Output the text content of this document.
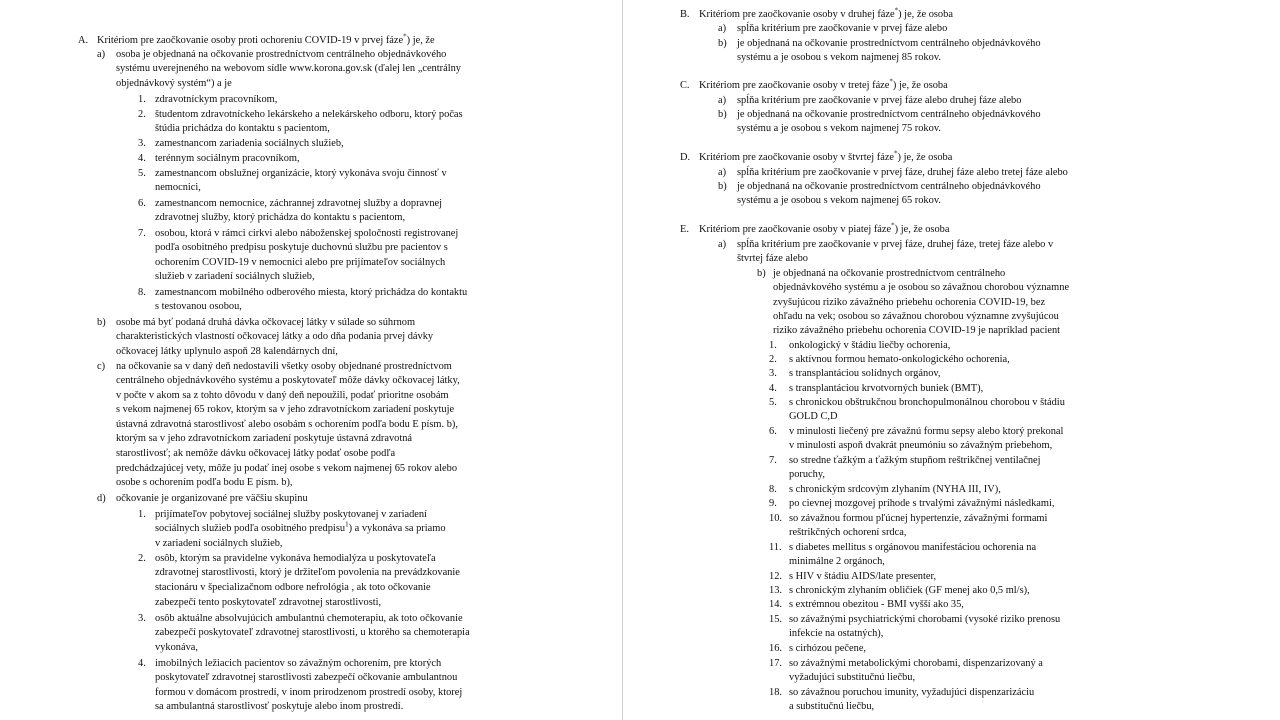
A. Kritériom pre zaočkovanie osoby proti ochoreniu COVID-19 v prvej fáze*) je, že
a) osoba je objednaná na očkovanie prostredníctvom centrálneho objednávkového
systému uverejneného na webovom sídle www.korona.gov.sk (ďalej len „centrálny
objednávkový systém“) a je
1. zdravotníckym pracovníkom,
2. študentom zdravotníckeho lekárskeho a nelekárskeho odboru, ktorý počas
štúdia prichádza do kontaktu s pacientom,
3. zamestnancom zariadenia sociálnych služieb,
4. terénnym sociálnym pracovníkom,
5. zamestnancom obslužnej organizácie, ktorý vykonáva svoju činnosť v
nemocnici,
6. zamestnancom nemocnice, záchrannej zdravotnej služby a dopravnej
zdravotnej služby, ktorý prichádza do kontaktu s pacientom,
7. osobou, ktorá v rámci cirkvi alebo náboženskej spoločnosti registrovanej
podľa osobitného predpisu poskytuje duchovnú službu pre pacientov s
ochorením COVID-19 v nemocnici alebo pre prijímateľov sociálnych
služieb v zariadení sociálnych služieb,
8. zamestnancom mobilného odberového miesta, ktorý prichádza do kontaktu
s testovanou osobou,
b) osobe má byť podaná druhá dávka očkovacej látky v súlade so súhrnom
charakteristických vlastností očkovacej látky a odo dňa podania prvej dávky
očkovacej látky uplynulo aspoň 28 kalendárnych dní,
c) na očkovanie sa v daný deň nedostavili všetky osoby objednané prostredníctvom
centrálneho objednávkového systému a poskytovateľ môže dávky očkovacej látky,
v počte v akom sa z tohto dôvodu v daný deň nepoužili, podať prioritne osobám
s vekom najmenej 65 rokov, ktorým sa v jeho zdravotníckom zariadení poskytuje
ústavná zdravotná starostlivosť alebo osobám s ochorením podľa bodu E písm. b),
ktorým sa v jeho zdravotníckom zariadení poskytuje ústavná zdravotná
starostlivosť; ak nemôže dávku očkovacej látky podať osobe podľa
predchádzajúcej vety, môže ju podať inej osobe s vekom najmenej 65 rokov alebo
osobe s ochorením podľa bodu E písm. b),
d) očkovanie je organizované pre väčšiu skupinu
1. prijímateľov pobytovej sociálnej služby poskytovanej v zariadení
sociálnych služieb podľa osobitného predpisu$^1$) a vykonáva sa priamo
v zariadení sociálnych služieb,
2. osôb, ktorým sa pravidelne vykonáva hemodialýza u poskytovateľa
zdravotnej starostlivosti, ktorý je držiteľom povolenia na prevádzkovanie
stacionáru v špecializačnom odbore nefrológia , ak toto očkovanie
zabezpečí tento poskytovateľ zdravotnej starostlivosti,
3. osôb aktuálne absolvujúcich ambulantnú chemoterapiu, ak toto očkovanie
zabezpečí poskytovateľ zdravotnej starostlivosti, u ktorého sa chemoterapia
vykonáva,
4. imobilných ležiacich pacientov so závažným ochorením, pre ktorých
poskytovateľ zdravotnej starostlivosti zabezpečí očkovanie ambulantnou
formou v domácom prostredí, v inom prirodzenom prostredí osoby, ktorej
sa ambulantná starostlivosť poskytuje alebo inom prostredí.
B. Kritériom pre zaočkovanie osoby v druhej fáze*) je, že osoba
a) spĺňa kritérium pre zaočkovanie v prvej fáze alebo
b) je objednaná na očkovanie prostredníctvom centrálneho objednávkového
systému a je osobou s vekom najmenej 85 rokov.
C. Kritériom pre zaočkovanie osoby v tretej fáze*) je, že osoba
a) spĺňa kritérium pre zaočkovanie v prvej fáze alebo druhej fáze alebo
b) je objednaná na očkovanie prostredníctvom centrálneho objednávkového
systému a je osobou s vekom najmenej 75 rokov.
D. Kritériom pre zaočkovanie osoby v štvrtej fáze*) je, že osoba
a) spĺňa kritérium pre zaočkovanie v prvej fáze, druhej fáze alebo tretej fáze alebo
b) je objednaná na očkovanie prostredníctvom centrálneho objednávkového
systému a je osobou s vekom najmenej 65 rokov.
E. Kritériom pre zaočkovanie osoby v piatej fáze*) je, že osoba
a) spĺňa kritérium pre zaočkovanie v prvej fáze, druhej fáze, tretej fáze alebo v
štvrtej fáze alebo
b) je objednaná na očkovanie prostredníctvom centrálneho
objednávkového systému a je osobou so závažnou chorobou významne
zvyšujúcou riziko závažného priebehu ochorenia COVID-19, bez
ohľadu na vek; osobou so závažnou chorobou významne zvyšujúcou
riziko závažného priebehu ochorenia COVID-19 je napríklad pacient
1. onkologický v štádiu liečby ochorenia,
2. s aktívnou formou hemato-onkologického ochorenia,
3. s transplantáciou solídnych orgánov,
4. s transplantáciou krvotvorných buniek (BMT),
5. s chronickou obštrukčnou bronchopulmonálnou chorobou v štádiu
GOLD C,D
6. v minulosti liečený pre závažnú formu sepsy alebo ktorý prekonal
v minulosti aspoň dvakrát pneumóniu so závažným priebehom,
7. so stredne ťažkým a ťažkým stupňom reštrikčnej ventilačnej
poruchy,
8. s chronickým srdcovým zlyhaním (NYHA III, IV),
9. po cievnej mozgovej príhode s trvalými závažnými následkami,
10. so závažnou formou pľúcnej hypertenzie, závažnými formami
reštrikčných ochorení srdca,
11. s diabetes mellitus s orgánovou manifestáciou ochorenia na
minimálne 2 orgánoch,
12. s HIV v štádiu AIDS/late presenter,
13. s chronickým zlyhaním obličiek (GF menej ako 0,5 ml/s),
14. s extrémnou obezitou - BMI vyšší ako 35,
15. so závažnými psychiatrickými chorobami (vysoké riziko prenosu
infekcie na ostatných),
16. s cirhózou pečene,
17. so závažnými metabolickými chorobami, dispenzarizovaný a
vyžadujúci substitučnú liečbu,
18. so závažnou poruchou imunity, vyžadujúci dispenzarizáciu
a substitučnú liečbu,
